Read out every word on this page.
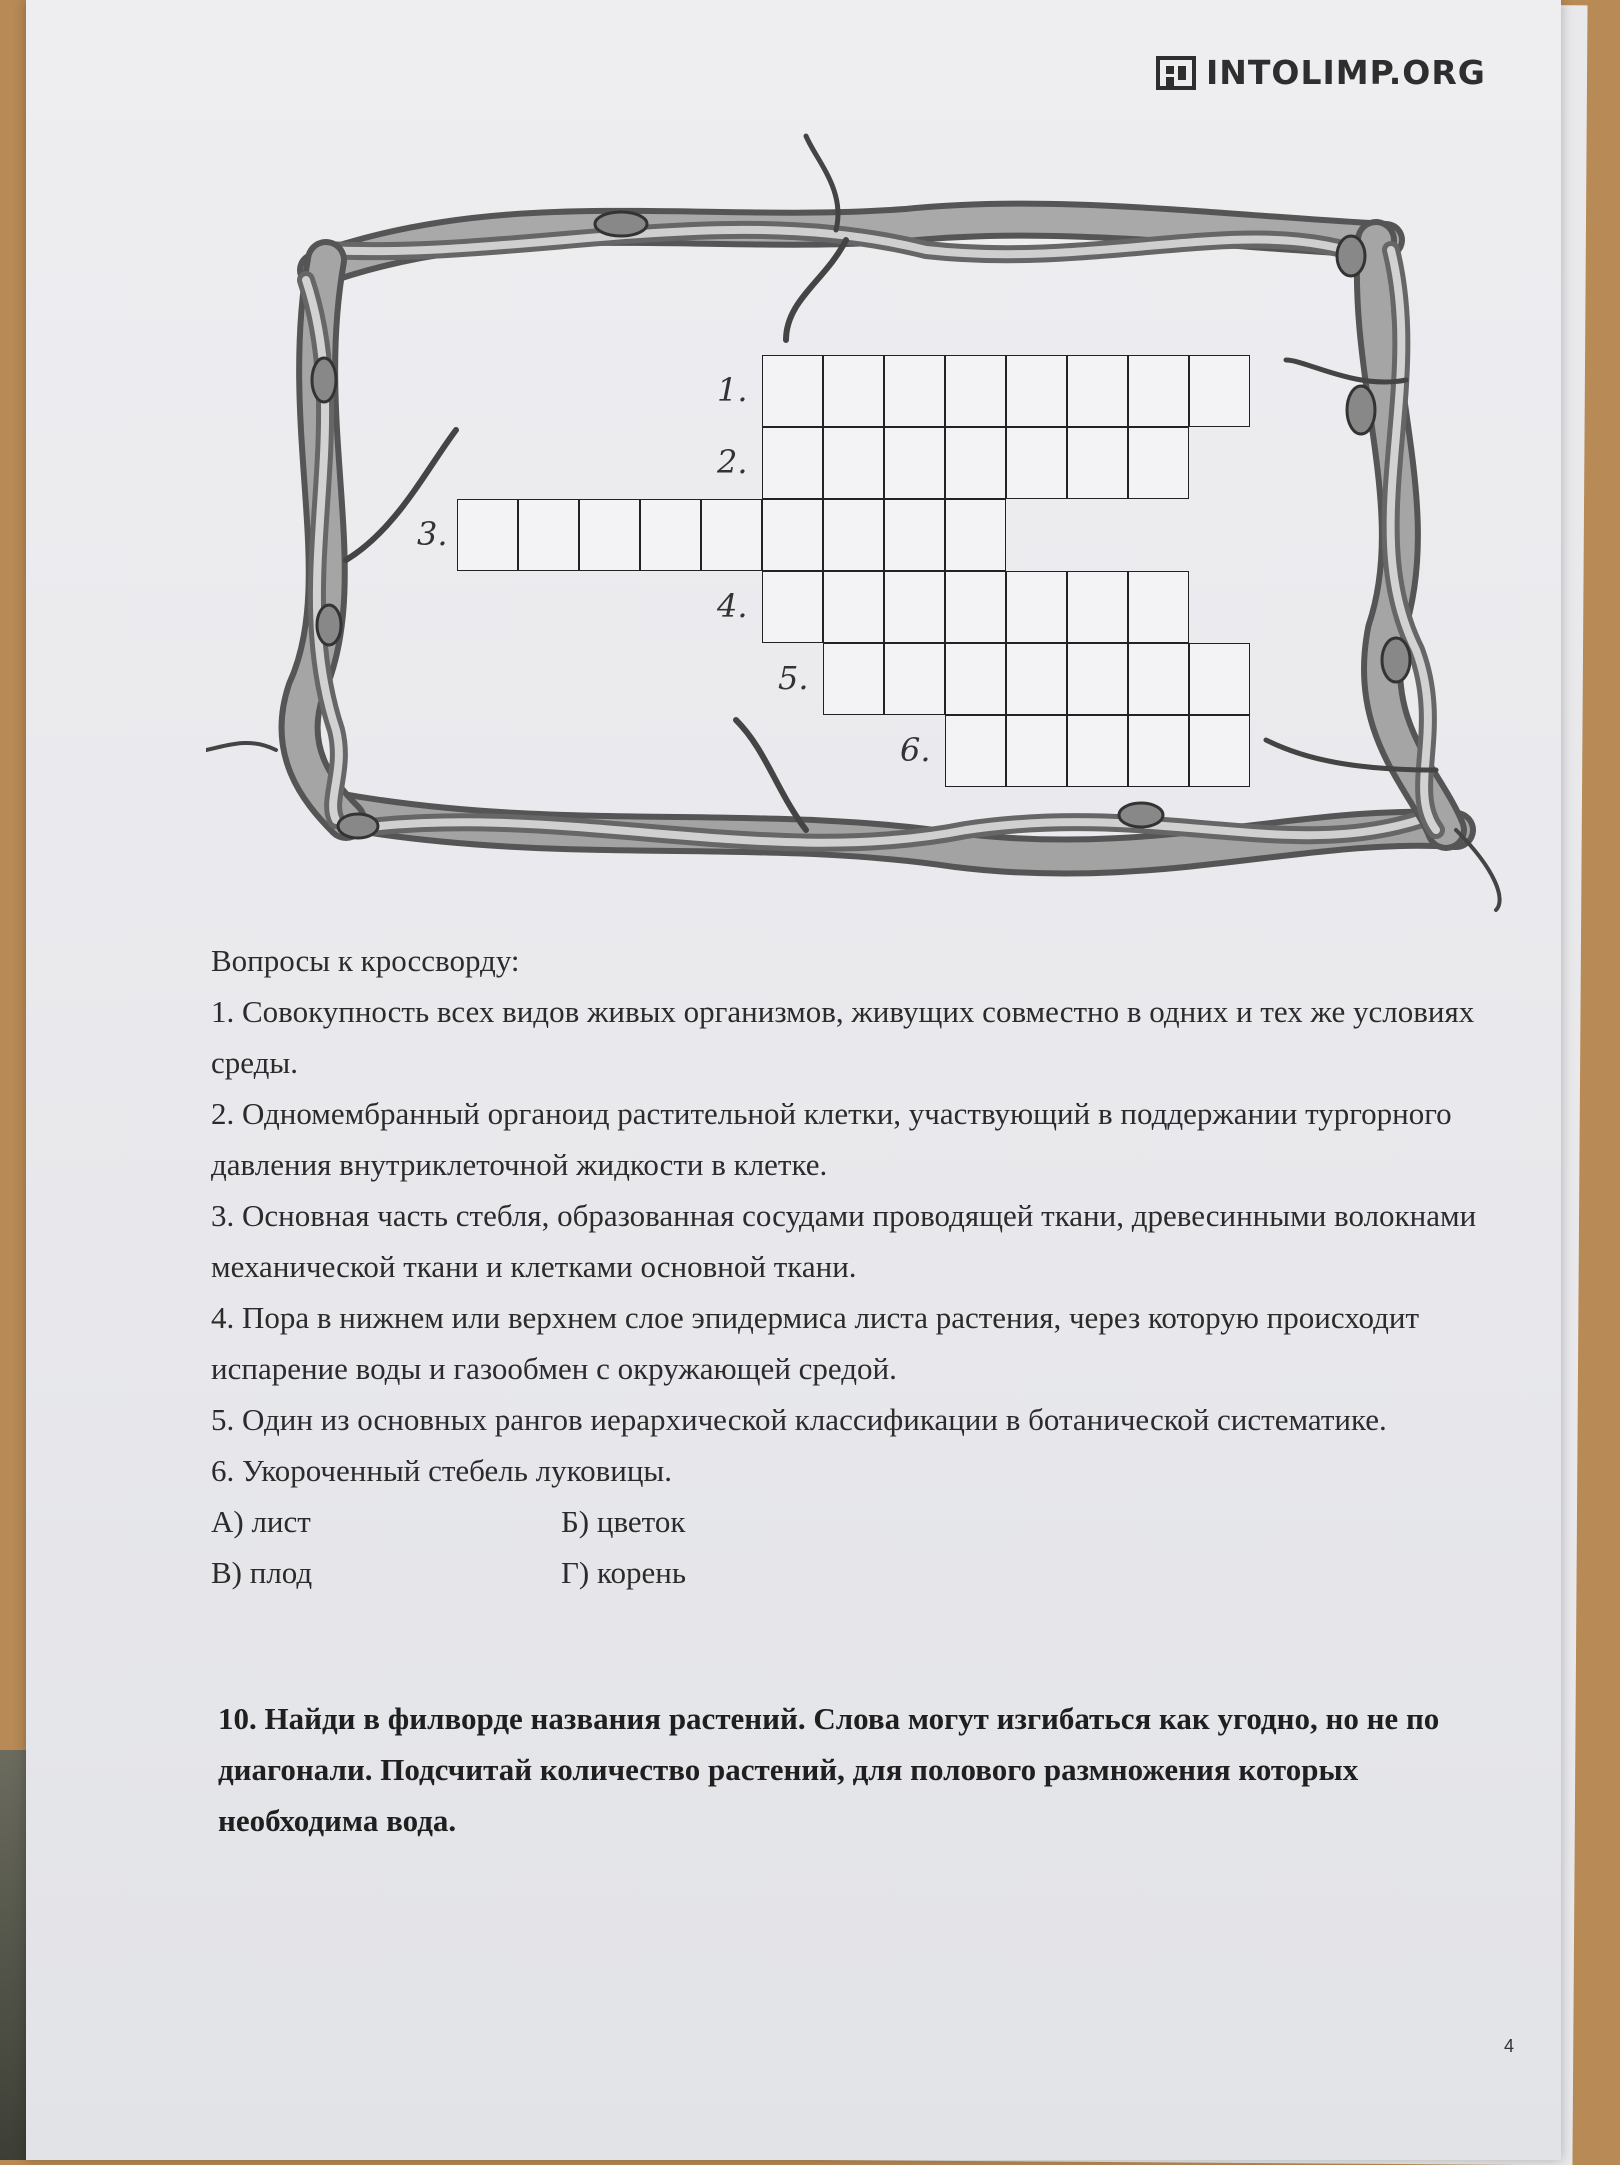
INTOLIMP.ORG
1.
2.
3.
4.
5.
6.

Вопросы к кроссворду:

1. Совокупность всех видов живых организмов, живущих совместно в одних и тех же условиях среды.

2. Одномембранный органоид растительной клетки, участвующий в поддержании тургорного давления внутриклеточной жидкости в клетке.

3. Основная часть стебля, образованная сосудами проводящей ткани, древесинными волокнами механической ткани и клетками основной ткани.

4. Пора в нижнем или верхнем слое эпидермиса листа растения, через которую происходит испарение воды и газообмен с окружающей средой.

5. Один из основных рангов иерархической классификации в ботанической систематике.

6. Укороченный стебель луковицы.

А) лист	Б) цветок
В) плод	Г) корень
10. Найди в филворде названия растений. Слова могут изгибаться как угодно, но не по диагонали. Подсчитай количество растений, для полового размножения которых необходима вода.
4
